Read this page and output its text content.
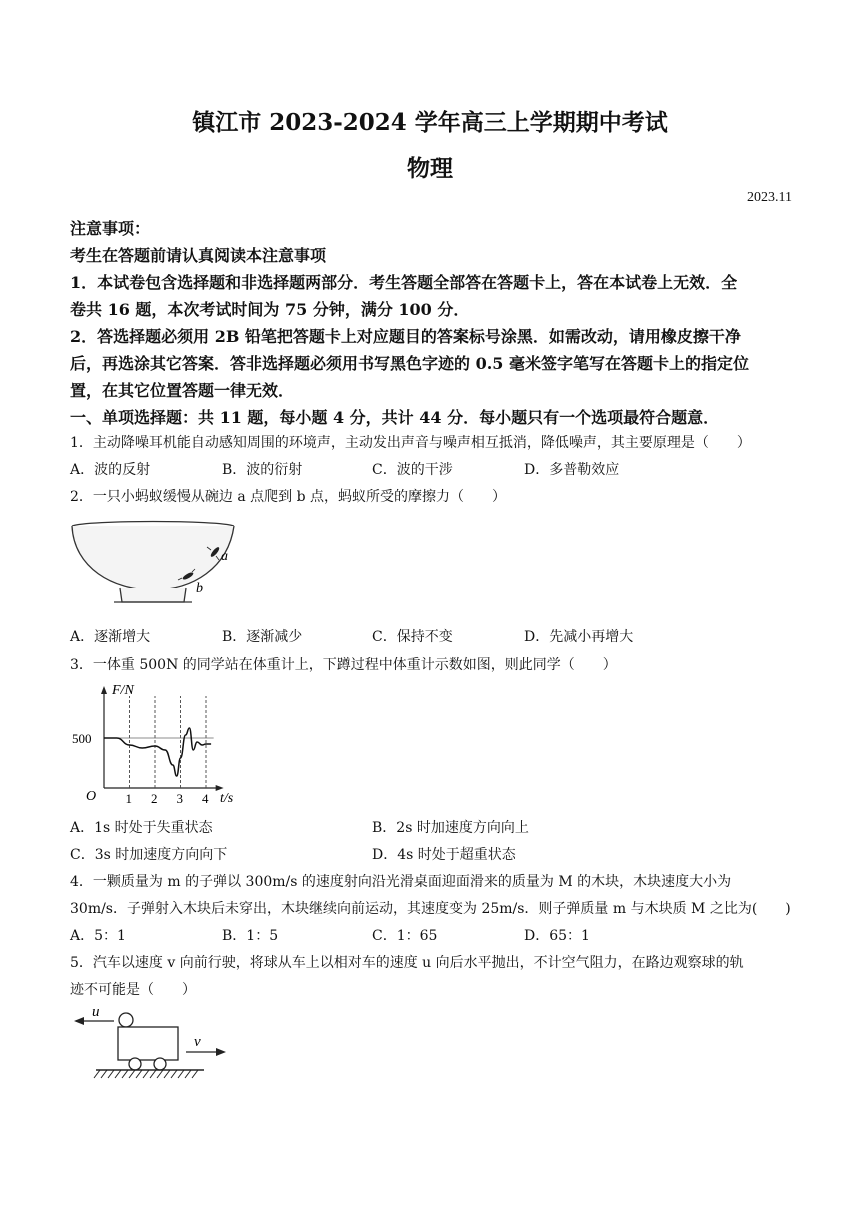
镇江市 2023-2024 学年高三上学期期中考试
物理
2023.11
注意事项：
考生在答题前请认真阅读本注意事项
1．本试卷包含选择题和非选择题两部分．考生答题全部答在答题卡上，答在本试卷上无效．全
卷共 16 题，本次考试时间为 75 分钟，满分 100 分．
2．答选择题必须用 2B 铅笔把答题卡上对应题目的答案标号涂黑．如需改动，请用橡皮擦干净
后，再选涂其它答案．答非选择题必须用书写黑色字迹的 0.5 毫米签字笔写在答题卡上的指定位
置，在其它位置答题一律无效．
一、单项选择题：共 11 题，每小题 4 分，共计 44 分．每小题只有一个选项最符合题意．
1．主动降噪耳机能自动感知周围的环境声，主动发出声音与噪声相互抵消，降低噪声，其主要原理是（　　）
A．波的反射	B．波的衍射	C．波的干涉	D．多普勒效应
2．一只小蚂蚁缓慢从碗边 a 点爬到 b 点，蚂蚁所受的摩擦力（　　）
a
b
A．逐渐增大	B．逐渐减少	C．保持不变	D．先减小再增大
3．一体重 500N 的同学站在体重计上，下蹲过程中体重计示数如图，则此同学（　　）
F/N
t/s
O 1 2 3 4
500
A．1s 时处于失重状态	B．2s 时加速度方向向上
C．3s 时加速度方向向下	D．4s 时处于超重状态
4．一颗质量为 m 的子弹以 300m/s 的速度射向沿光滑桌面迎面滑来的质量为 M 的木块，木块速度大小为
30m/s．子弹射入木块后未穿出，木块继续向前运动，其速度变为 25m/s．则子弹质量 m 与木块质 M 之比为(　　)
A．5：1	B．1：5	C．1：65	D．65：1
5．汽车以速度 v 向前行驶，将球从车上以相对车的速度 u 向后水平抛出，不计空气阻力，在路边观察球的轨
迹不可能是（　　）
u
v
